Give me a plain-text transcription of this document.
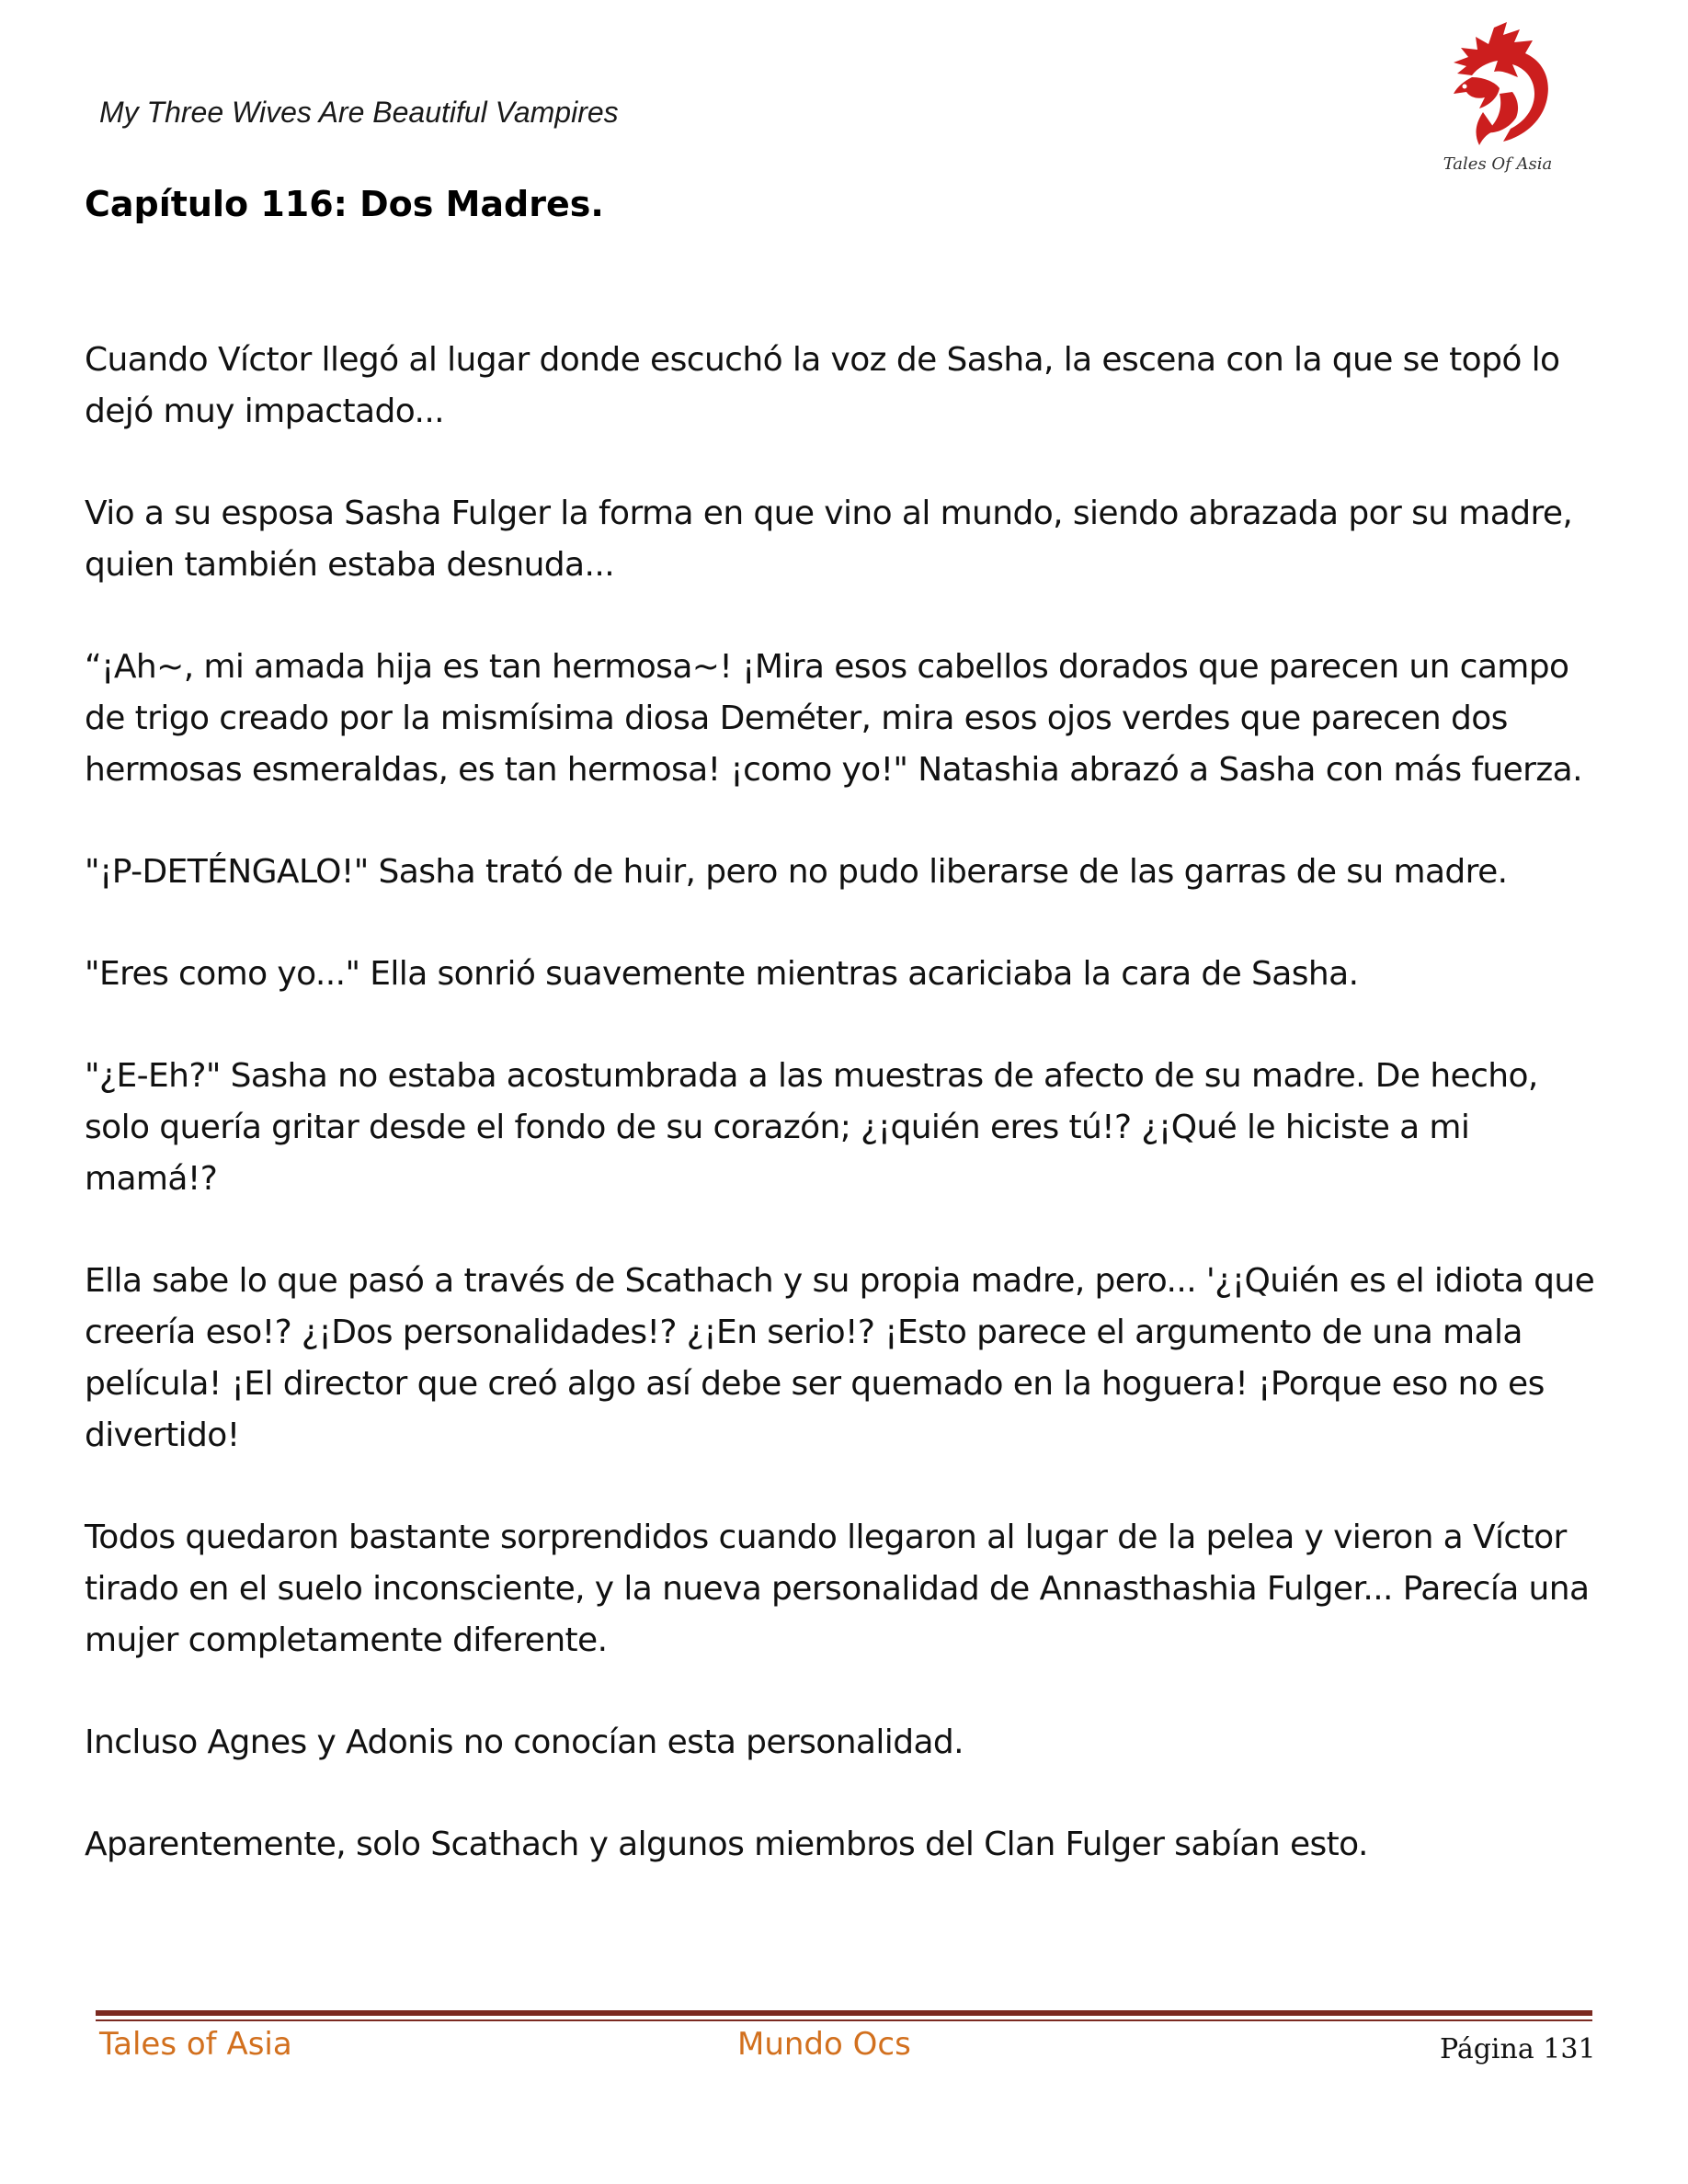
My Three Wives Are Beautiful Vampires
Tales Of Asia
Capítulo 116: Dos Madres.

Cuando Víctor llegó al lugar donde escuchó la voz de Sasha, la escena con la que se topó lo dejó muy impactado...

Vio a su esposa Sasha Fulger la forma en que vino al mundo, siendo abrazada por su madre, quien también estaba desnuda...

“¡Ah~, mi amada hija es tan hermosa~! ¡Mira esos cabellos dorados que parecen un campo de trigo creado por la mismísima diosa Deméter, mira esos ojos verdes que parecen dos hermosas esmeraldas, es tan hermosa! ¡como yo!" Natashia abrazó a Sasha con más fuerza.

"¡P-DETÉNGALO!" Sasha trató de huir, pero no pudo liberarse de las garras de su madre.

"Eres como yo..." Ella sonrió suavemente mientras acariciaba la cara de Sasha.

"¿E-Eh?" Sasha no estaba acostumbrada a las muestras de afecto de su madre. De hecho, solo quería gritar desde el fondo de su corazón; ¿¡quién eres tú!? ¿¡Qué le hiciste a mi mamá!?

Ella sabe lo que pasó a través de Scathach y su propia madre, pero... '¿¡Quién es el idiota que creería eso!? ¿¡Dos personalidades!? ¿¡En serio!? ¡Esto parece el argumento de una mala película! ¡El director que creó algo así debe ser quemado en la hoguera! ¡Porque eso no es divertido!

Todos quedaron bastante sorprendidos cuando llegaron al lugar de la pelea y vieron a Víctor tirado en el suelo inconsciente, y la nueva personalidad de Annasthashia Fulger... Parecía una mujer completamente diferente.

Incluso Agnes y Adonis no conocían esta personalidad.

Aparentemente, solo Scathach y algunos miembros del Clan Fulger sabían esto.

Tales of Asia	Mundo Ocs	Página 131
